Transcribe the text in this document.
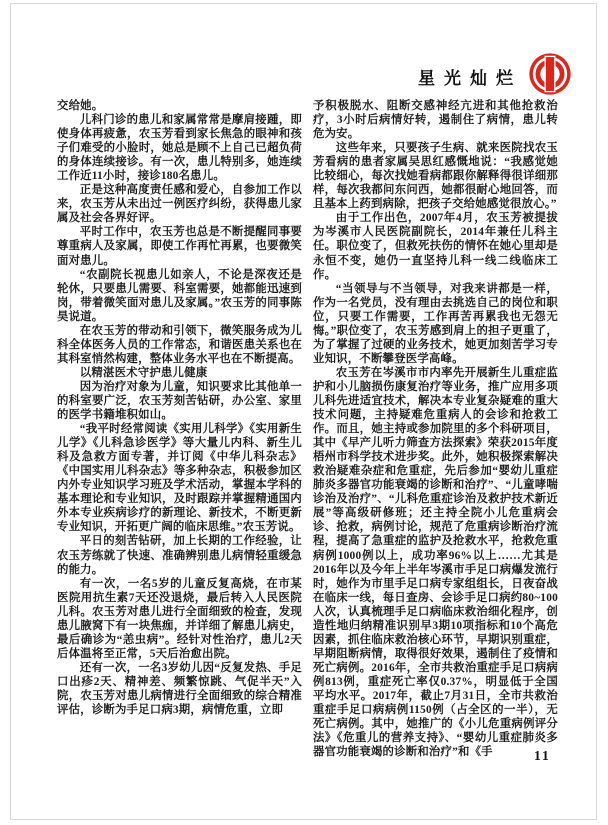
星光灿烂

交给她。

儿科门诊的患儿和家属常常是摩肩接踵，即使身体再疲惫，农玉芳看到家长焦急的眼神和孩子们难受的小脸时，她总是顾不上自己已超负荷的身体连续接诊。有一次，患儿特别多，她连续工作近11小时，接诊180名患儿。

正是这种高度责任感和爱心，自参加工作以来，农玉芳从未出过一例医疗纠纷，获得患儿家属及社会各界好评。

平时工作中，农玉芳也总是不断提醒同事要尊重病人及家属，即使工作再忙再累，也要微笑面对患儿。

“农副院长视患儿如亲人，不论是深夜还是轮休，只要患儿需要、科室需要，她都能迅速到岗，带着微笑面对患儿及家属。”农玉芳的同事陈昊说道。

在农玉芳的带动和引领下，微笑服务成为儿科全体医务人员的工作常态，和谐医患关系也在其科室悄然构建，整体业务水平也在不断提高。

以精湛医术守护患儿健康

因为治疗对象为儿童，知识要求比其他单一的科室要广泛，农玉芳刻苦钻研，办公室、家里的医学书籍堆积如山。

“我平时经常阅读《实用儿科学》《实用新生儿学》《儿科急诊医学》等大量儿内科、新生儿科及急救方面专著，并订阅《中华儿科杂志》《中国实用儿科杂志》等多种杂志，积极参加区内外专业知识学习班及学术活动，掌握本学科的基本理论和专业知识，及时跟踪并掌握精通国内外本专业疾病诊疗的新理论、新技术，不断更新专业知识，开拓更广阔的临床思维。”农玉芳说。

平日的刻苦钻研，加上长期的工作经验，让农玉芳练就了快速、准确辨别患儿病情轻重缓急的能力。

有一次，一名5岁的儿童反复高烧，在市某医院用抗生素7天还没退烧，最后转入人民医院儿科。农玉芳对患儿进行全面细致的检查，发现患儿腋窝下有一块焦痂，并详细了解患儿病史，最后确诊为“恙虫病”。经针对性治疗，患儿2天后体温将至正常，5天后治愈出院。

还有一次，一名3岁幼儿因“反复发热、手足口出疹2天、精神差、频繁惊跳、气促半天”入院，农玉芳对患儿病情进行全面细致的综合精准评估，诊断为手足口病3期，病情危重，立即

予积极脱水、阻断交感神经亢进和其他抢救治疗，3小时后病情好转，遏制住了病情，患儿转危为安。

这些年来，只要孩子生病、就来医院找农玉芳看病的患者家属吴思红感慨地说：“我感觉她比较细心，每次找她看病都跟你解释得很详细那样，每次我都问东问西，她都很耐心地回答，而且基本上药到病除，把孩子交给她感觉很放心。”

由于工作出色，2007年4月，农玉芳被提拔为岑溪市人民医院副院长，2014年兼任儿科主任。职位变了，但救死扶伤的情怀在她心里却是永恒不变，她仍一直坚持儿科一线二线临床工作。

“当领导与不当领导，对我来讲都是一样，作为一名党员，没有理由去挑选自己的岗位和职位，只要工作需要，工作再苦再累我也无怨无悔。”职位变了，农玉芳感到肩上的担子更重了，为了掌握了过硬的业务技术，她更加刻苦学习专业知识，不断攀登医学高峰。

农玉芳在岑溪市市内率先开展新生儿重症监护和小儿脑损伤康复治疗等业务，推广应用多项儿科先进适宜技术，解决本专业复杂疑难的重大技术问题，主持疑难危重病人的会诊和抢救工作。而且，她主持或参加院里的多个科研项目，其中《早产儿听力筛查方法探索》荣获2015年度梧州市科学技术进步奖。此外，她积极探索解决救治疑难杂症和危重症，先后参加“婴幼儿重症肺炎多器官功能衰竭的诊断和治疗”、“儿童哮喘诊治及治疗”、“儿科危重症诊治及救护技术新近展”等高级研修班；还主持全院小儿危重病会诊、抢救，病例讨论，规范了危重病诊断治疗流程，提高了急重症的监护及抢救水平，抢救危重病例1000例以上，成功率96%以上……尤其是2016年以及今年上半年岑溪市手足口病爆发流行时，她作为市里手足口病专家组组长，日夜奋战在临床一线，每日查房、会诊手足口病约80~100人次，认真梳理手足口病临床救治细化程序，创造性地归纳精准识别早3期10项指标和10个高危因素，抓住临床救治核心环节，早期识别重症，早期阻断病情，取得很好效果，遏制住了疫情和死亡病例。2016年，全市共救治重症手足口病病例813例，重症死亡率仅0.37%，明显低于全国平均水平。2017年，截止7月31日，全市共救治重症手足口病病例1150例（占全区的一半），无死亡病例。其中，她推广的《小儿危重病例评分法》《危重儿的营养支持》、“婴幼儿重症肺炎多器官功能衰竭的诊断和治疗”和《手	11
